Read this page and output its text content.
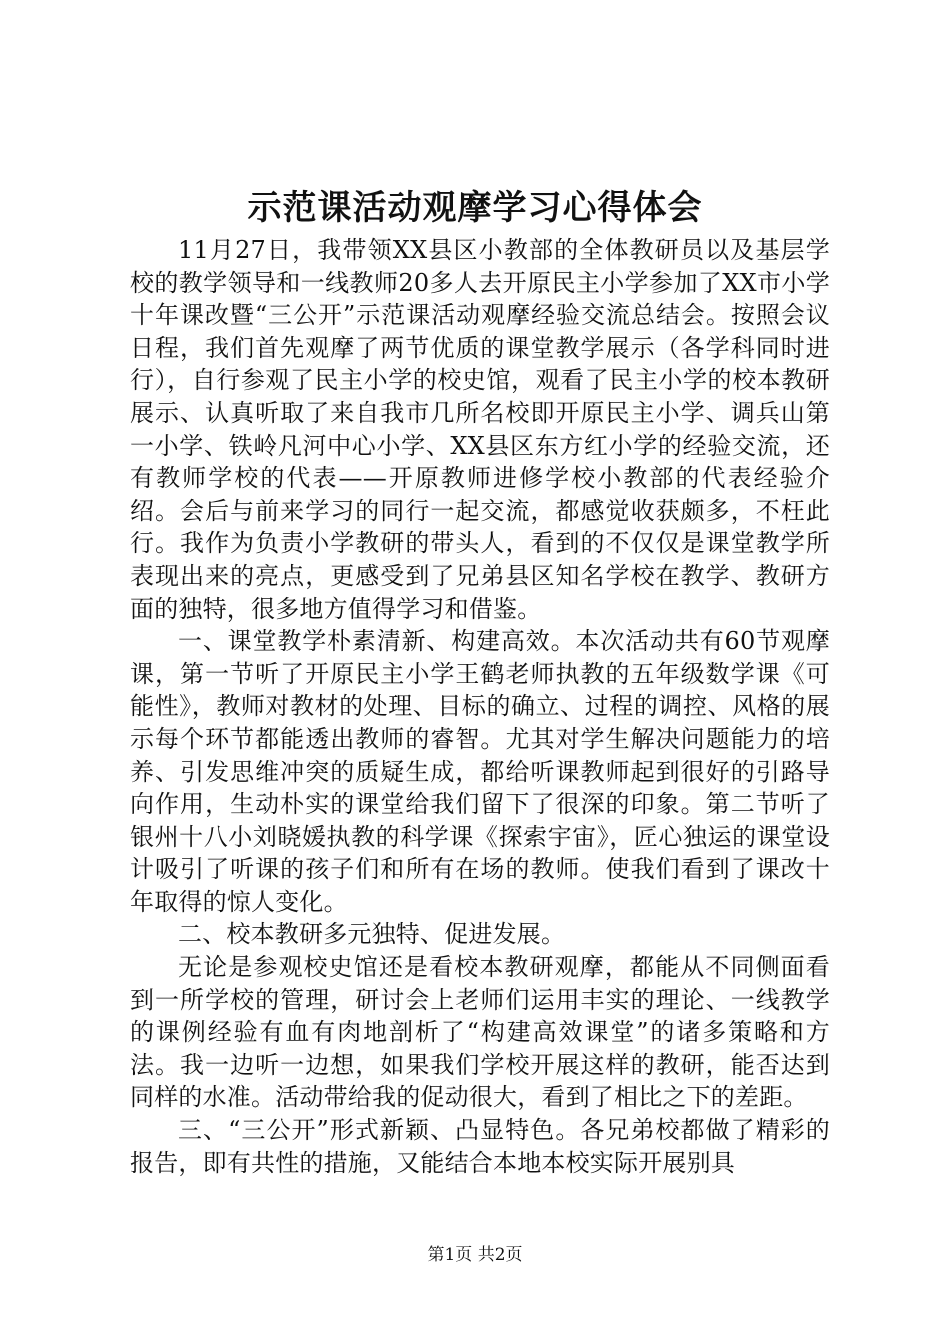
示范课活动观摩学习心得体会

11月27日，我带领XX县区小教部的全体教研员以及基层学校的教学领导和一线教师20多人去开原民主小学参加了XX市小学十年课改暨“三公开”示范课活动观摩经验交流总结会。按照会议日程，我们首先观摩了两节优质的课堂教学展示（各学科同时进行），自行参观了民主小学的校史馆，观看了民主小学的校本教研展示、认真听取了来自我市几所名校即开原民主小学、调兵山第一小学、铁岭凡河中心小学、XX县区东方红小学的经验交流，还有教师学校的代表——开原教师进修学校小教部的代表经验介绍。会后与前来学习的同行一起交流，都感觉收获颇多，不枉此行。我作为负责小学教研的带头人，看到的不仅仅是课堂教学所表现出来的亮点，更感受到了兄弟县区知名学校在教学、教研方面的独特，很多地方值得学习和借鉴。

一、课堂教学朴素清新、构建高效。本次活动共有60节观摩课，第一节听了开原民主小学王鹤老师执教的五年级数学课《可能性》，教师对教材的处理、目标的确立、过程的调控、风格的展示每个环节都能透出教师的睿智。尤其对学生解决问题能力的培养、引发思维冲突的质疑生成，都给听课教师起到很好的引路导向作用，生动朴实的课堂给我们留下了很深的印象。第二节听了银州十八小刘晓媛执教的科学课《探索宇宙》，匠心独运的课堂设计吸引了听课的孩子们和所有在场的教师。使我们看到了课改十年取得的惊人变化。

二、校本教研多元独特、促进发展。

无论是参观校史馆还是看校本教研观摩，都能从不同侧面看到一所学校的管理，研讨会上老师们运用丰实的理论、一线教学的课例经验有血有肉地剖析了“构建高效课堂”的诸多策略和方法。我一边听一边想，如果我们学校开展这样的教研，能否达到同样的水准。活动带给我的促动很大，看到了相比之下的差距。

三、“三公开”形式新颖、凸显特色。各兄弟校都做了精彩的报告，即有共性的措施，又能结合本地本校实际开展别具

第1页 共2页
